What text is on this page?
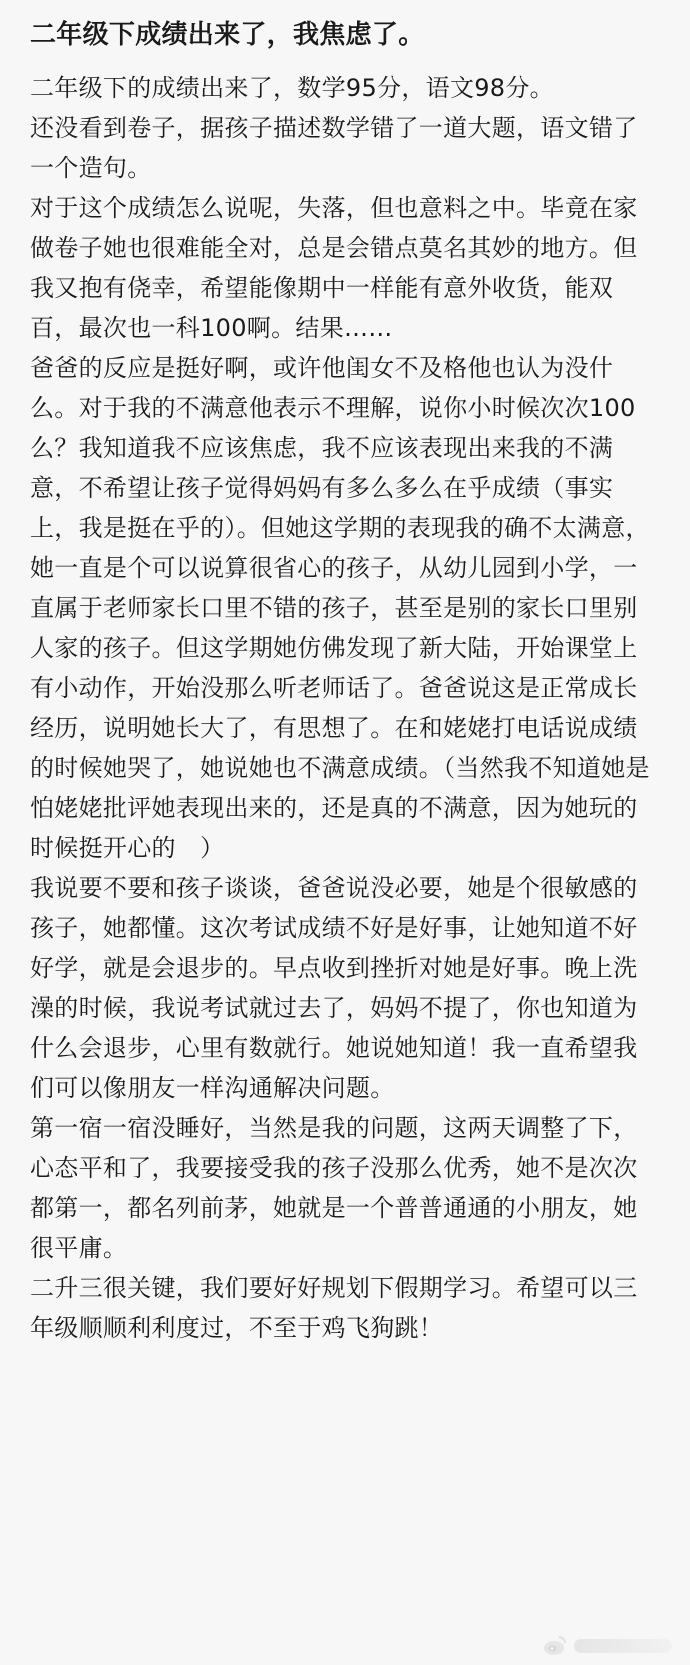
二年级下成绩出来了，我焦虑了。

二年级下的成绩出来了，数学95分，语文98分。

还没看到卷子，据孩子描述数学错了一道大题，语文错了一个造句。

对于这个成绩怎么说呢，失落，但也意料之中。毕竟在家做卷子她也很难能全对，总是会错点莫名其妙的地方。但我又抱有侥幸，希望能像期中一样能有意外收货，能双百，最次也一科100啊。结果……

爸爸的反应是挺好啊，或许他闺女不及格他也认为没什么。对于我的不满意他表示不理解，说你小时候次次100么？我知道我不应该焦虑，我不应该表现出来我的不满意，不希望让孩子觉得妈妈有多么多么在乎成绩（事实上，我是挺在乎的）。但她这学期的表现我的确不太满意，她一直是个可以说算很省心的孩子，从幼儿园到小学，一直属于老师家长口里不错的孩子，甚至是别的家长口里别人家的孩子。但这学期她仿佛发现了新大陆，开始课堂上有小动作，开始没那么听老师话了。爸爸说这是正常成长经历，说明她长大了，有思想了。在和姥姥打电话说成绩的时候她哭了，她说她也不满意成绩。（当然我不知道她是怕姥姥批评她表现出来的，还是真的不满意，因为她玩的时候挺开心的　）

我说要不要和孩子谈谈，爸爸说没必要，她是个很敏感的孩子，她都懂。这次考试成绩不好是好事，让她知道不好好学，就是会退步的。早点收到挫折对她是好事。晚上洗澡的时候，我说考试就过去了，妈妈不提了，你也知道为什么会退步，心里有数就行。她说她知道！我一直希望我们可以像朋友一样沟通解决问题。

第一宿一宿没睡好，当然是我的问题，这两天调整了下，心态平和了，我要接受我的孩子没那么优秀，她不是次次都第一，都名列前茅，她就是一个普普通通的小朋友，她很平庸。

二升三很关键，我们要好好规划下假期学习。希望可以三年级顺顺利利度过，不至于鸡飞狗跳！
